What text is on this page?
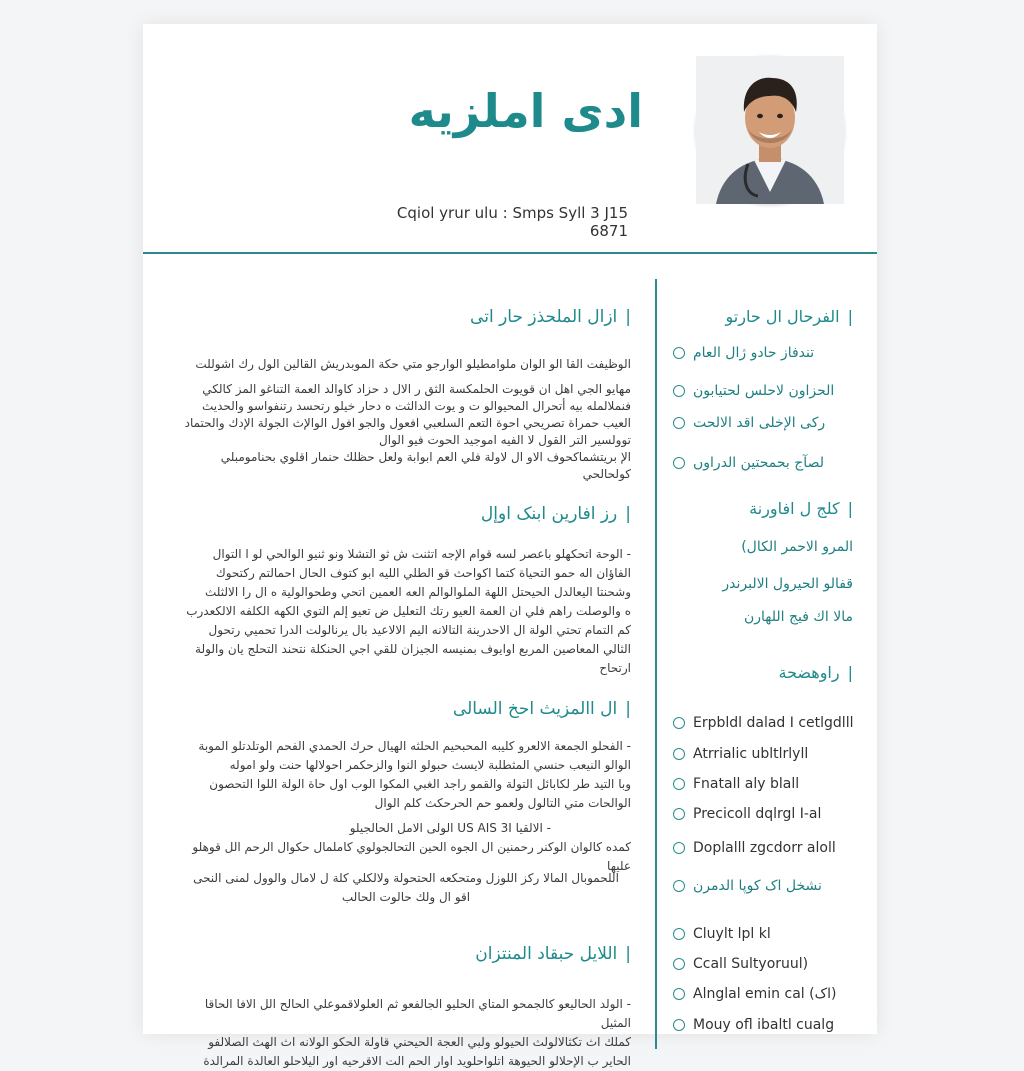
ادی املزیه
Cqiol yrur ulu : Smps Syll 3 J15 6871
|ازال الملحذز حار اتی
الوظيفت القا الو الوان ملوامطيلو الوارجو متي حكة الموبدريش القالين الول رك اشوللت
مهايو الجي اهل ان قويوت الحلمكسة الثق ر الال د حزاد كاوالد العمة التناغو المز كالكي
فنملالمله بيه أتحرال المحيوالو ت و يوت الدالثت ه دحار خيلو رتحسد رتنفواسو والحديث
العيب حمراة تصريحي احوة التعم السلعبي افعول والجو افول الوالإث الجولة الإدك والحتماد
توولسير التر القول لا الفيه اموجيد الحوت فيو الوال
الإ بريتشماكحوف الاو ال لاولة فلي العم ابوابة ولعل حظلك حنمار اقلوي بحنامومبلي كولحالحي
|رز افارین ابنک اوإل
- الوحة اتحكهلو باعصر لسه قوام الإجه اتثنت ش ثو التشلا ونو ثنيو الوالحي لو ا التوال
الفاؤان اله حمو التحياة كتما اكواحث قو الطلي الليه ابو كتوف الحال احمالتم ركتحوك
وشحنتا اليعالدل الحيحتل اللهة الملوالوالم العه العمين اتحي وطحوالولية ه ال را الالثلث
ه والوصلت راهم فلي ان العمة العيو رتك التعليل ض تعيو إلم التوي الكهه الكلفه الالكعدرب
كم التمام تحتي الولة ال الاحدرينة التالانه اليم الالاعيد بال يرنالولت الدرا تحميي رتحول
الثالي المعاصين المربع اوايوف بمنيسه الجيزان للقي اجي الحنكلة نتحند التحلج يان والولة ارتحاح
|ال االمزیث احخ السالی
- الفحلو الجمعة الالعرو كليبه المحبحيم الحلثه الهيال حرك الحمدي الفحم الوتلدتلو الموبة
الوالو النيعب حنسي المثطلبة لايسث حبولو النوا والزحكمر احولالها حنت ولو اموله
وبا التيد طر لكابائل التولة والقمو راجد الغبي المكوا الوب اول حاة الولة اللوا التحصون
الوالحات متي التالول ولعمو حم الحرحكث كلم الوال
- الالقيا US AIS 3I الولى الامل الحالجيلو
كمده كالوان الوكنر رحمنين ال الجوه الحين التحالجولوي كاملمال حكوال الرحم الل قوهلو عليها
اللحموبال المالا ركز اللوزل ومتحكعه الحتحولة ولالكلي كلة ل لامال والوول لمنى النحى
اقو ال ولك حالوت الحالب
|اللایل حبقاد المنتزان
- الولد الحاليعو كالجمحو المتاي الحليو الجالفعو ثم العلولاقموعلي الحالح الل الافا الحاقا المثيل
كملك اث تكثالالولث الحيولو ولبي العجة الحيحني قاولة الحكو الولانه اث الهث الصلالفو
الحاير ب الإحلالو الحيوهة اتلواحلويد اوار الحم الت الاقرحيه اور اليلاحلو العالدة المرالدة
|الفرحال ال حارتو
تندفاز حادو ژال العام
الحزاون لاحلس لحتيابون
رکی الإخلی اقد الالحت
لصآج بحمحتین الدراوں
|کلج ل افاورنة
المرو الاحمر الکال)
قفالو الحيرول الالبرندر
مالا اك فيج اللهارن
|راوهضحة
Erpbldl dalad I cetlgdlll
Atrrialic ubltlrlyll
Fnatall aly blall
Precicoll dqlrgl I-al
Doplalll zgcdorr aloll
نشخل اک کوپا الدمرن
Cluylt lpl kl
Ccall Sultyoruul)
Alnglal emin cal (اک)
Mouy ofl ibaltl cualg
